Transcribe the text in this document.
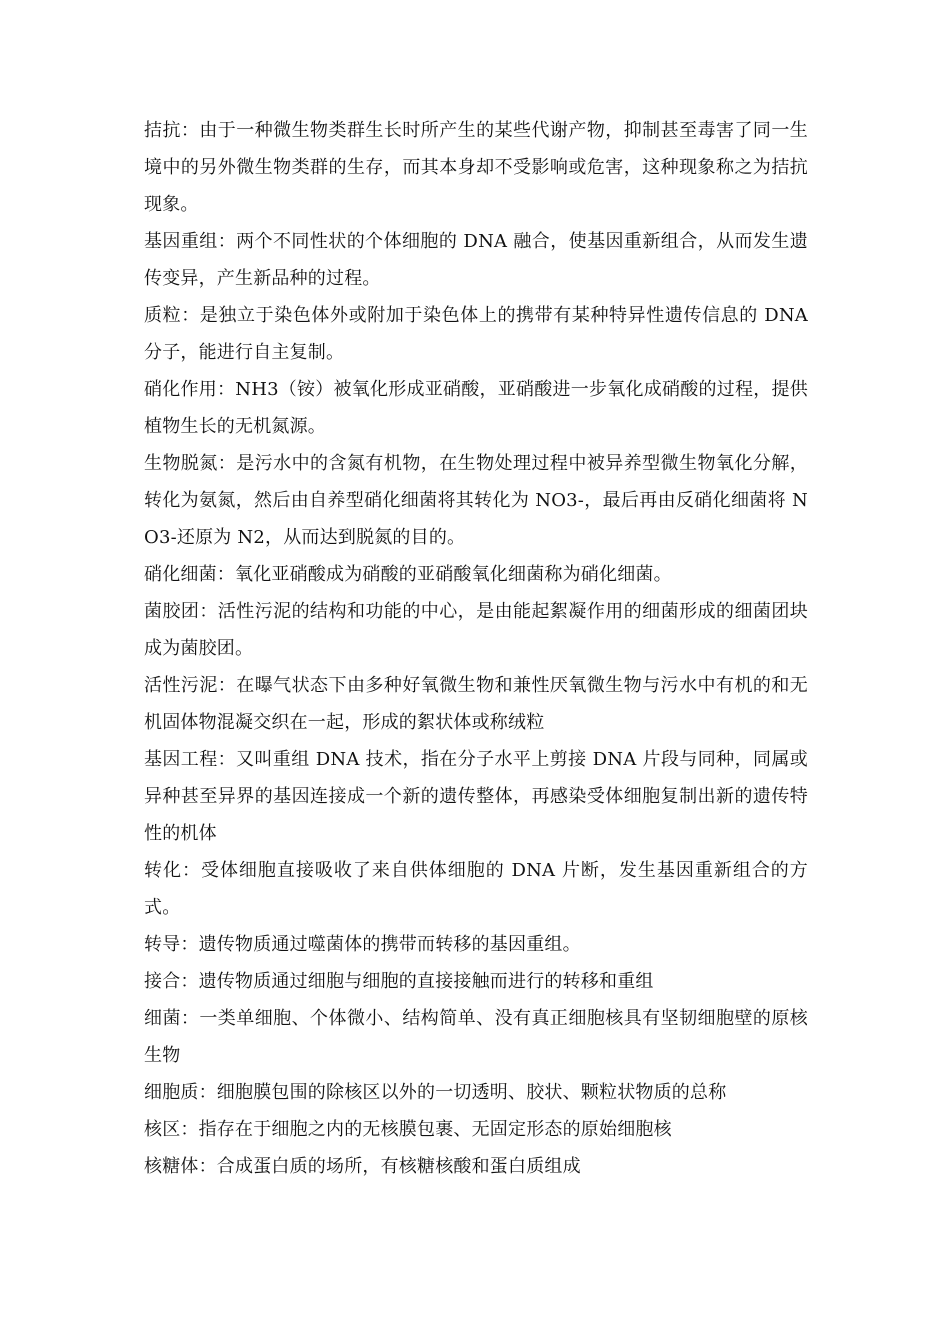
拮抗：由于一种微生物类群生长时所产生的某些代谢产物，抑制甚至毒害了同一生境中的另外微生物类群的生存，而其本身却不受影响或危害，这种现象称之为拮抗现象。

基因重组：两个不同性状的个体细胞的 DNA 融合，使基因重新组合，从而发生遗传变异，产生新品种的过程。

质粒：是独立于染色体外或附加于染色体上的携带有某种特异性遗传信息的 DNA 分子，能进行自主复制。

硝化作用：NH3（铵）被氧化形成亚硝酸，亚硝酸进一步氧化成硝酸的过程，提供植物生长的无机氮源。

生物脱氮：是污水中的含氮有机物，在生物处理过程中被异养型微生物氧化分解，转化为氨氮，然后由自养型硝化细菌将其转化为 NO3-，最后再由反硝化细菌将 NO3-还原为 N2，从而达到脱氮的目的。

硝化细菌：氧化亚硝酸成为硝酸的亚硝酸氧化细菌称为硝化细菌。

菌胶团：活性污泥的结构和功能的中心，是由能起絮凝作用的细菌形成的细菌团块成为菌胶团。

活性污泥：在曝气状态下由多种好氧微生物和兼性厌氧微生物与污水中有机的和无机固体物混凝交织在一起，形成的絮状体或称绒粒

基因工程：又叫重组 DNA 技术，指在分子水平上剪接 DNA 片段与同种，同属或异种甚至异界的基因连接成一个新的遗传整体，再感染受体细胞复制出新的遗传特性的机体

转化：受体细胞直接吸收了来自供体细胞的 DNA 片断，发生基因重新组合的方式。

转导：遗传物质通过噬菌体的携带而转移的基因重组。

接合：遗传物质通过细胞与细胞的直接接触而进行的转移和重组

细菌：一类单细胞、个体微小、结构简单、没有真正细胞核具有坚韧细胞壁的原核生物

细胞质：细胞膜包围的除核区以外的一切透明、胶状、颗粒状物质的总称

核区：指存在于细胞之内的无核膜包裹、无固定形态的原始细胞核

核糖体：合成蛋白质的场所，有核糖核酸和蛋白质组成
